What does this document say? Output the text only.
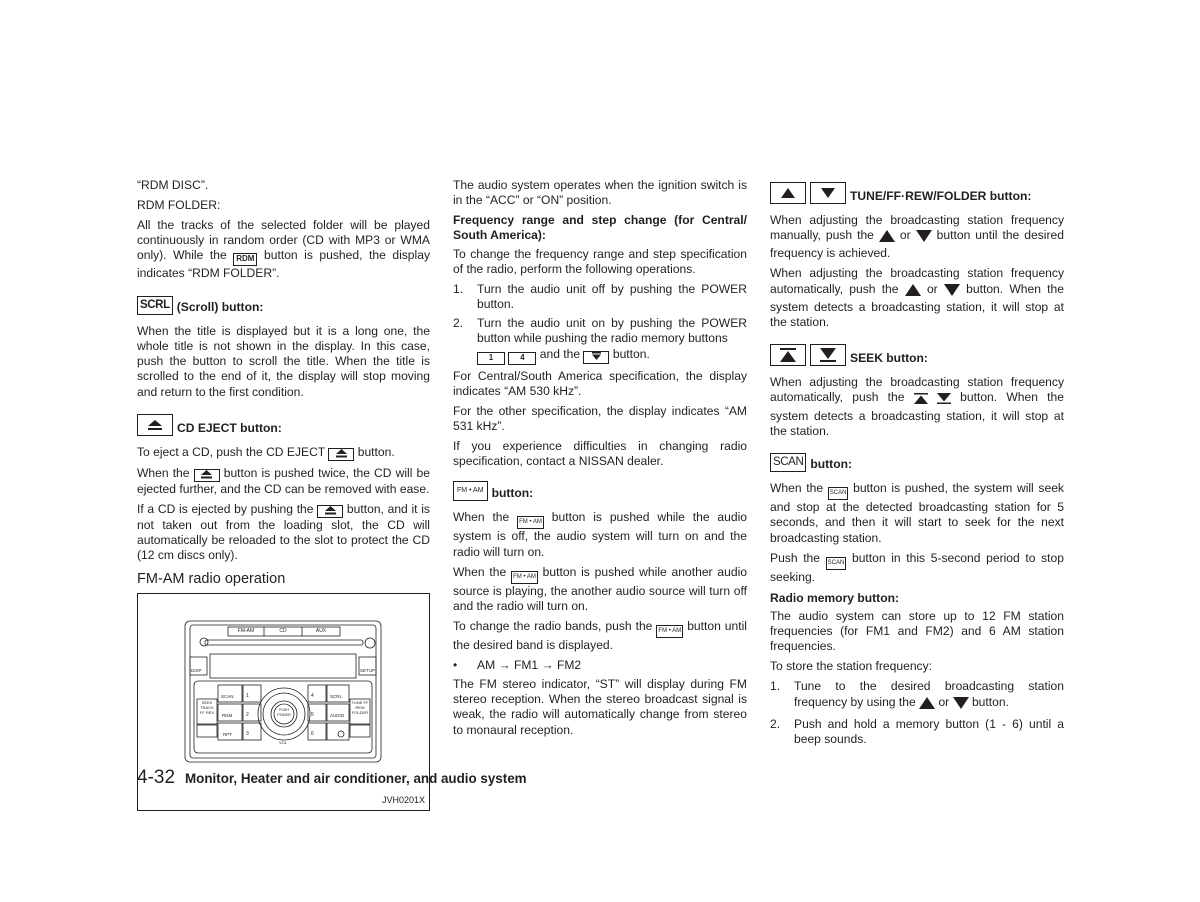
“RDM DISC”.

RDM FOLDER:

All the tracks of the selected folder will be played continuously in random order (CD with MP3 or WMA only). While the RDM button is pushed, the display indicates “RDM FOLDER”.

SCRL (Scroll) button:

When the title is displayed but it is a long one, the whole title is not shown in the display. In this case, push the button to scroll the title. When the title is scrolled to the end of it, the display will stop moving and return to the first condition.

CD EJECT button:

To eject a CD, push the CD EJECT	button.

When the	button is pushed twice, the CD will be ejected further, and the CD can be removed with ease.

If a CD is ejected by pushing the	button, and it is not taken out from the loading slot, the CD will automatically be reloaded to the slot to protect the CD (12 cm discs only).

FM-AM radio operation
FM-AM	CD	AUX
DISP	SETUP
SCAN	SCRL
RDM
SEEK TRACK FF REV
RPT
AUDIO
TUNE FF REW FOLDER
PUSH POWER
VOL
1
2
3
4
5
6
JVH0201X

The audio system operates when the ignition switch is in the “ACC” or “ON” position.

Frequency range and step change (for Central/ South America):

To change the frequency range and step specification of the radio, perform the following operations.

1.	Turn the audio unit off by pushing the POWER button.
2.	Turn the audio unit on by pushing the POWER button while pushing the radio memory buttons
1	4 and the	button.

For Central/South America specification, the display indicates “AM 530 kHz”.

For the other specification, the display indicates “AM 531 kHz”.

If you experience difficulties in changing radio specification, contact a NISSAN dealer.

FM • AM button:

When the FM • AM button is pushed while the audio system is off, the audio system will turn on and the radio will turn on.

When the FM • AM button is pushed while another audio source is playing, the another audio source will turn off and the radio will turn on.

To change the radio bands, push the FM • AM button until the desired band is displayed.

•	AM → FM1 → FM2

The FM stereo indicator, “ST” will display during FM stereo reception. When the stereo broadcast signal is weak, the radio will automatically change from stereo to monaural reception.

TUNE/FF·REW/FOLDER button:

When adjusting the broadcasting station frequency manually, push the or button until the desired frequency is achieved.

When adjusting the broadcasting station frequency automatically, push the or button. When the system detects a broadcasting station, it will stop at the station.

SEEK button:

When adjusting the broadcasting station frequency automatically, push the	button. When the system detects a broadcasting station, it will stop at the station.

SCAN button:

When the SCAN button is pushed, the system will seek and stop at the detected broadcasting station for 5 seconds, and then it will start to seek for the next broadcasting station.

Push the SCAN button in this 5-second period to stop seeking.

Radio memory button:

The audio system can store up to 12 FM station frequencies (for FM1 and FM2) and 6 AM station frequencies.

To store the station frequency:

1.	Tune to the desired broadcasting station frequency by using the or button.
2.	Push and hold a memory button (1 - 6) until a beep sounds.
4-32 Monitor, Heater and air conditioner, and audio system
